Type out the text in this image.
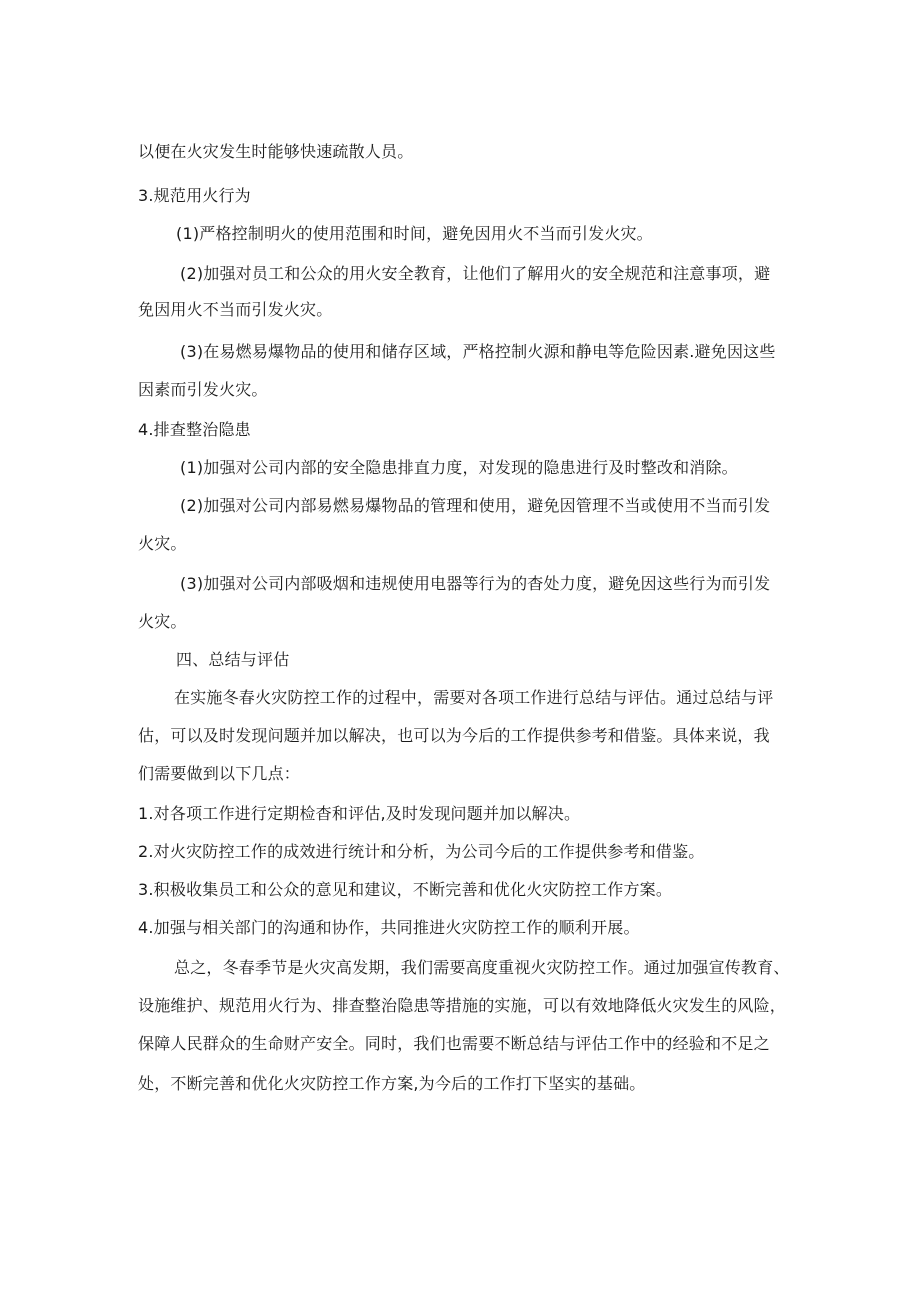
以便在火灾发生时能够快速疏散人员。
3.规范用火行为
(1)严格控制明火的使用范围和时间，避免因用火不当而引发火灾。
(2)加强对员工和公众的用火安全教育，让他们了解用火的安全规范和注意事项，避
免因用火不当而引发火灾。
(3)在易燃易爆物品的使用和储存区域，严格控制火源和静电等危险因素.避免因这些
因素而引发火灾。
4.排查整治隐患
(1)加强对公司内部的安全隐患排直力度，对发现的隐患进行及时整改和消除。
(2)加强对公司内部易燃易爆物品的管理和使用，避免因管理不当或使用不当而引发
火灾。
(3)加强对公司内部吸烟和违规使用电器等行为的杳处力度，避免因这些行为而引发
火灾。
四、总结与评估
在实施冬春火灾防控工作的过程中，需要对各项工作进行总结与评估。通过总结与评
估，可以及时发现问题并加以解决，也可以为今后的工作提供参考和借鉴。具体来说，我
们需要做到以下几点：
1.对各项工作进行定期检杳和评估,及时发现问题并加以解决。
2.对火灾防控工作的成效进行统计和分析，为公司今后的工作提供参考和借鉴。
3.积极收集员工和公众的意见和建议，不断完善和优化火灾防控工作方案。
4.加强与相关部门的沟通和协作，共同推进火灾防控工作的顺利开展。
总之，冬春季节是火灾高发期，我们需要高度重视火灾防控工作。通过加强宣传教育、
设施维护、规范用火行为、排查整治隐患等措施的实施，可以有效地降低火灾发生的风险，
保障人民群众的生命财产安全。同时，我们也需要不断总结与评估工作中的经验和不足之
处，不断完善和优化火灾防控工作方案,为今后的工作打下坚实的基础。
